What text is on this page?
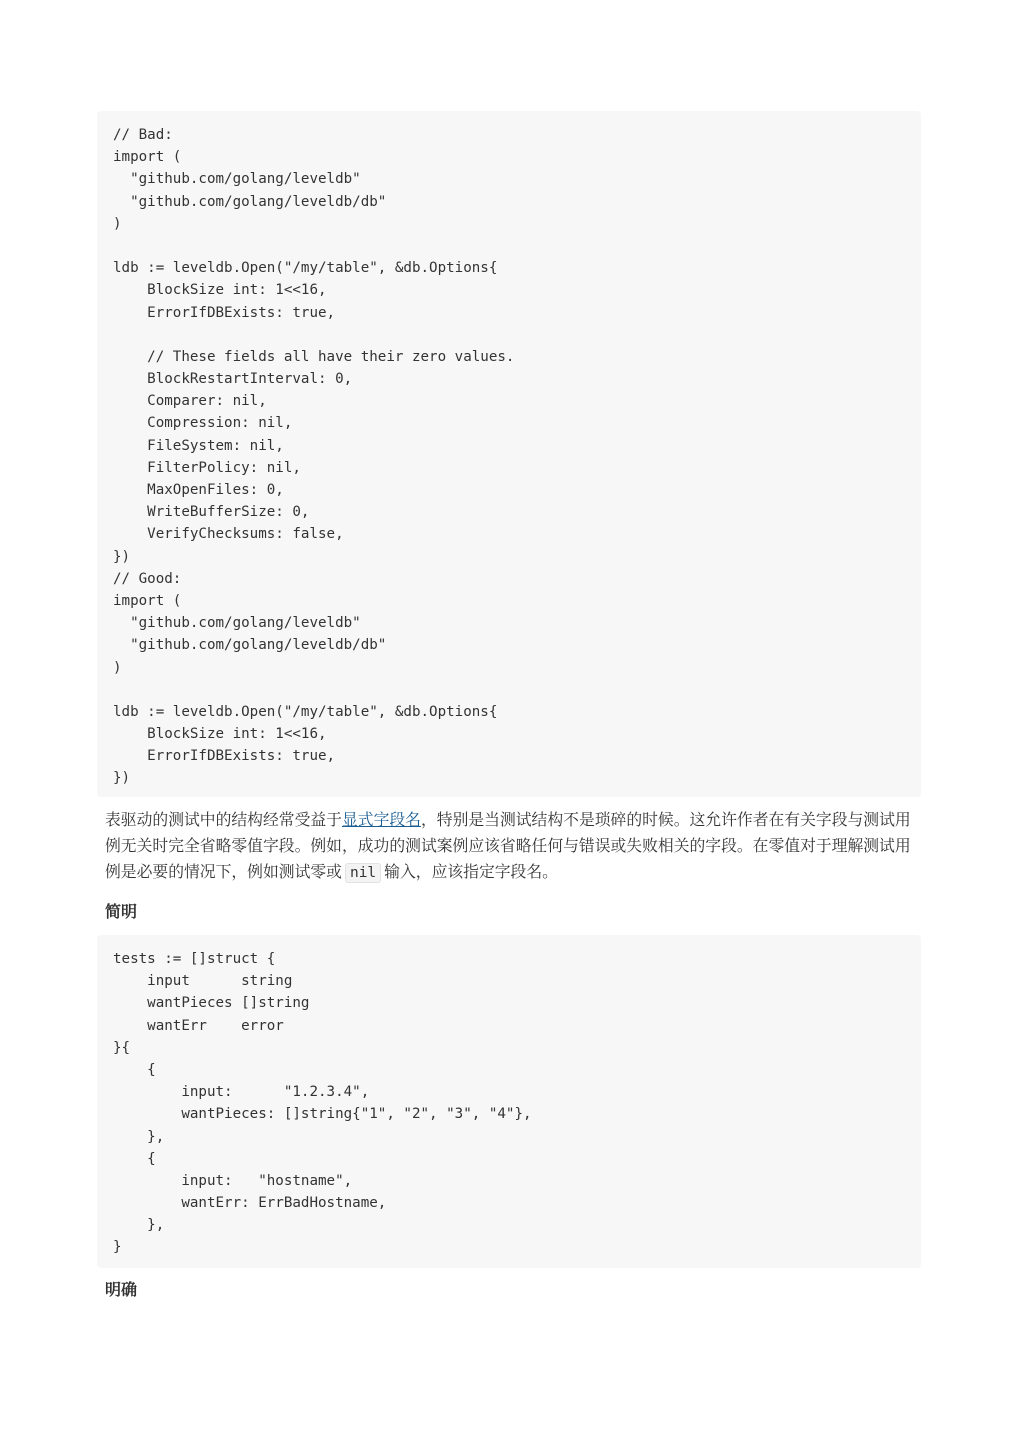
// Bad:
import (
"github.com/golang/leveldb"
"github.com/golang/leveldb/db"
)
ldb := leveldb.Open("/my/table", &db.Options{
BlockSize int: 1<<16,
ErrorIfDBExists: true,
// These fields all have their zero values.
BlockRestartInterval: 0,
Comparer: nil,
Compression: nil,
FileSystem: nil,
FilterPolicy: nil,
MaxOpenFiles: 0,
WriteBufferSize: 0,
VerifyChecksums: false,
})
// Good:
import (
"github.com/golang/leveldb"
"github.com/golang/leveldb/db"
)
ldb := leveldb.Open("/my/table", &db.Options{
BlockSize int: 1<<16,
ErrorIfDBExists: true,
})
表驱动的测试中的结构经常受益于显式字段名，特别是当测试结构不是琐碎的时候。这允许作者在有关字段与测试用例无关时完全省略零值字段。例如，成功的测试案例应该省略任何与错误或失败相关的字段。在零值对于理解测试用例是必要的情况下，例如测试零或 nil 输入，应该指定字段名。
简明
tests := []struct {
input      string
wantPieces []string
wantErr    error
}{
{
input:      "1.2.3.4",
wantPieces: []string{"1", "2", "3", "4"},
},
{
input:   "hostname",
wantErr: ErrBadHostname,
},
}
明确
